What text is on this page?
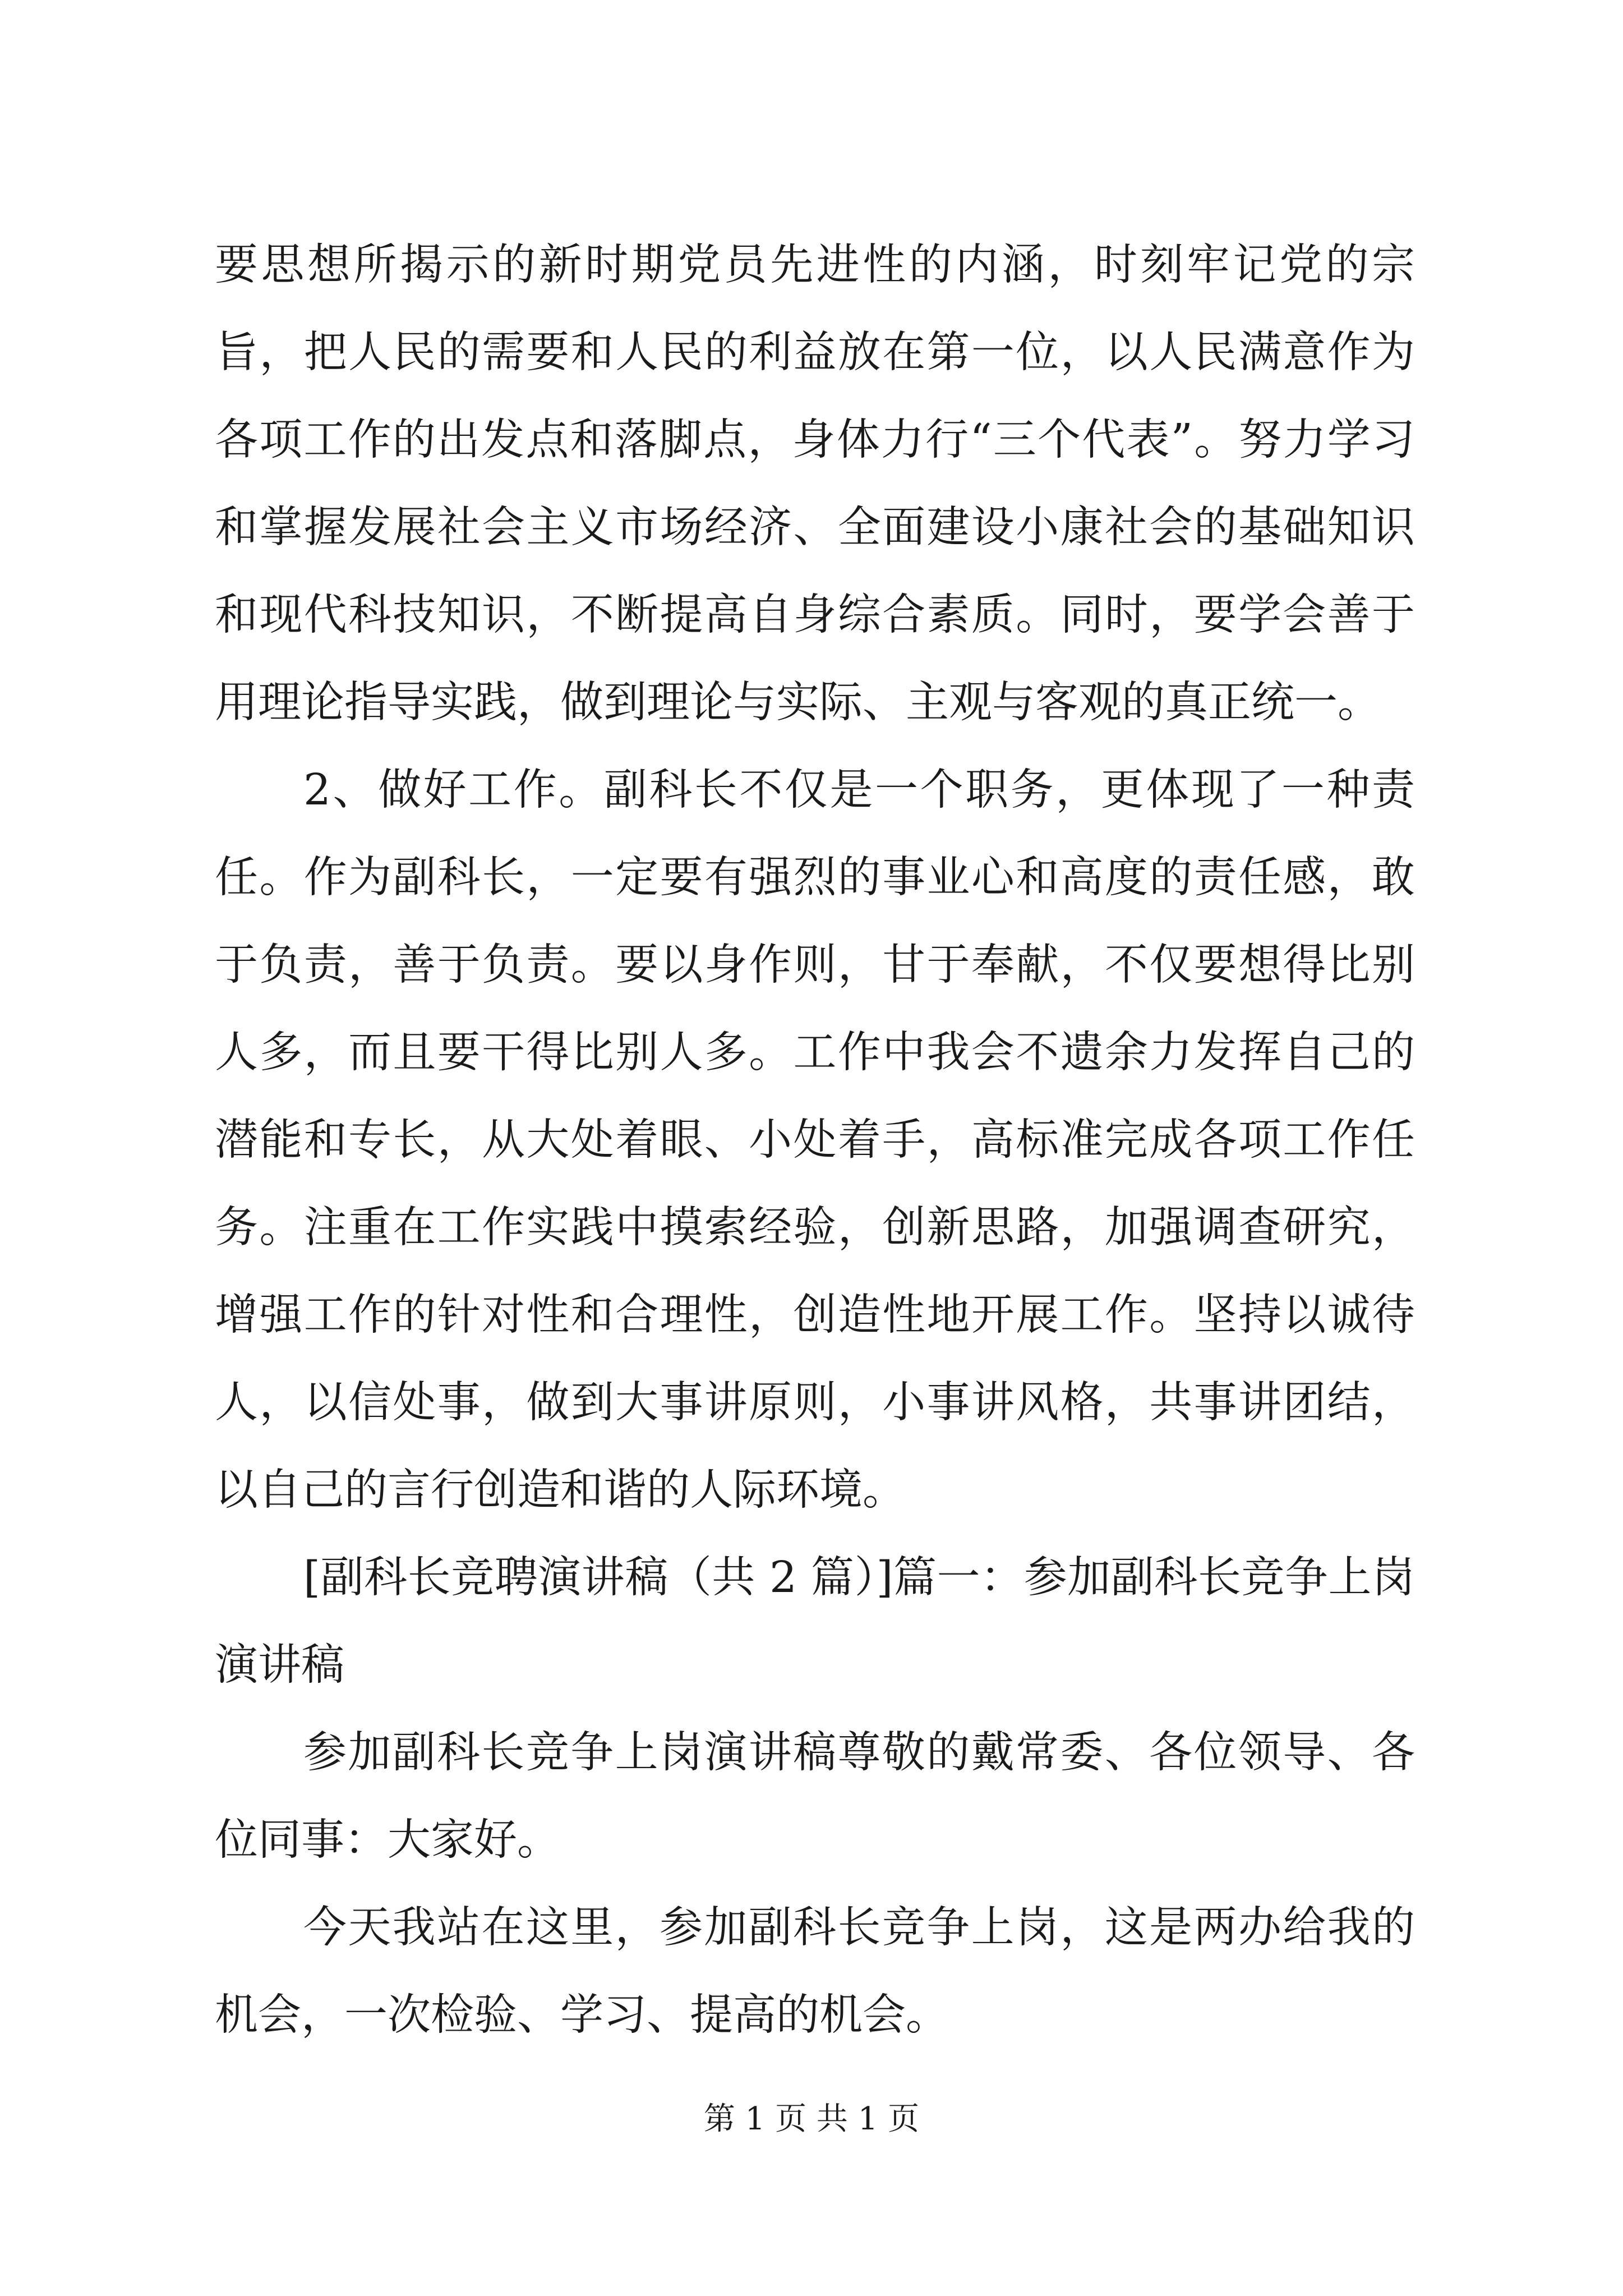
要思想所揭示的新时期党员先进性的内涵，时刻牢记党的宗旨，把人民的需要和人民的利益放在第一位，以人民满意作为各项工作的出发点和落脚点，身体力行“三个代表”。努力学习和掌握发展社会主义市场经济、全面建设小康社会的基础知识和现代科技知识，不断提高自身综合素质。同时，要学会善于用理论指导实践，做到理论与实际、主观与客观的真正统一。

2、做好工作。副科长不仅是一个职务，更体现了一种责任。作为副科长，一定要有强烈的事业心和高度的责任感，敢于负责，善于负责。要以身作则，甘于奉献，不仅要想得比别人多，而且要干得比别人多。工作中我会不遗余力发挥自己的潜能和专长，从大处着眼、小处着手，高标准完成各项工作任务。注重在工作实践中摸索经验，创新思路，加强调查研究，增强工作的针对性和合理性，创造性地开展工作。坚持以诚待人，以信处事，做到大事讲原则，小事讲风格，共事讲团结，以自己的言行创造和谐的人际环境。

[副科长竞聘演讲稿（共 2 篇）]篇一：参加副科长竞争上岗演讲稿

参加副科长竞争上岗演讲稿尊敬的戴常委、各位领导、各位同事：大家好。

今天我站在这里，参加副科长竞争上岗，这是两办给我的机会，一次检验、学习、提高的机会。

第 1 页 共 1 页
